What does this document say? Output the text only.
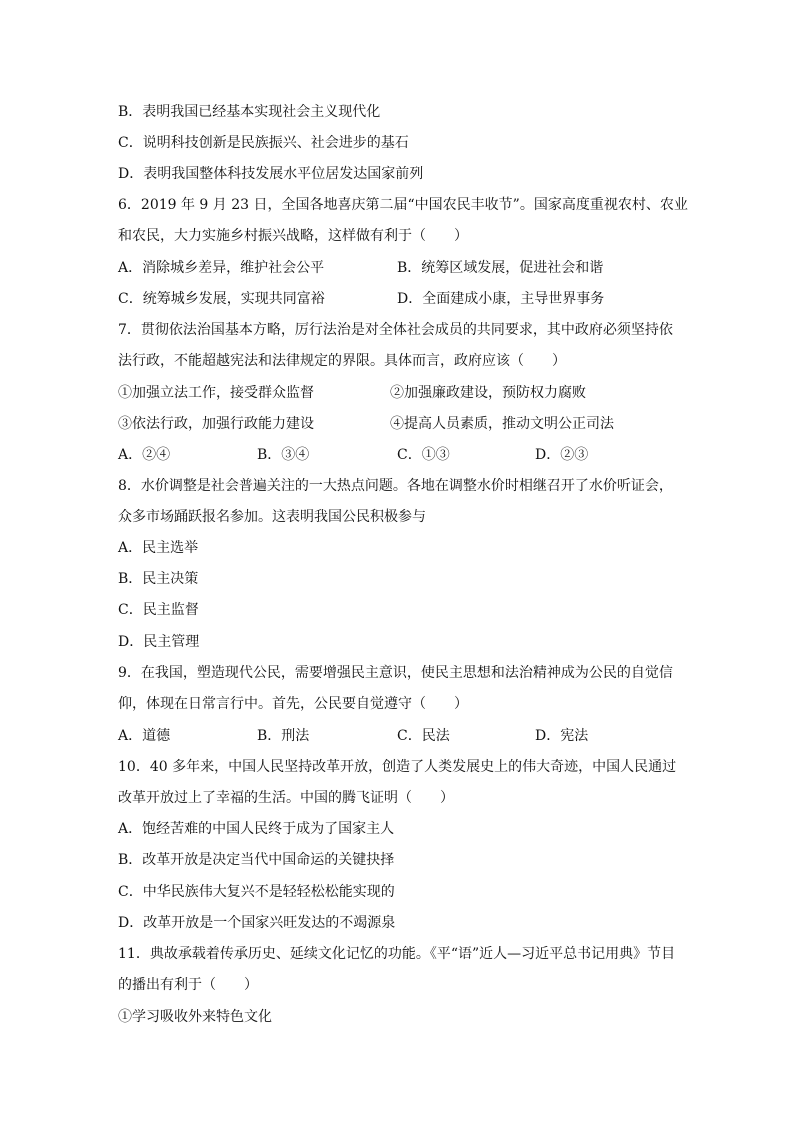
B．表明我国已经基本实现社会主义现代化
C．说明科技创新是民族振兴、社会进步的基石
D．表明我国整体科技发展水平位居发达国家前列
6．2019 年 9 月 23 日，全国各地喜庆第二届“中国农民丰收节”。国家高度重视农村、农业
和农民，大力实施乡村振兴战略，这样做有利于（　　）
A．消除城乡差异，维护社会公平	B．统筹区域发展，促进社会和谐
C．统筹城乡发展，实现共同富裕	D．全面建成小康，主导世界事务
7．贯彻依法治国基本方略，厉行法治是对全体社会成员的共同要求，其中政府必须坚持依
法行政，不能超越宪法和法律规定的界限。具体而言，政府应该（　　）
①加强立法工作，接受群众监督	②加强廉政建设，预防权力腐败
③依法行政，加强行政能力建设	④提高人员素质，推动文明公正司法
A．②④	B．③④	C．①③	D．②③
8．水价调整是社会普遍关注的一大热点问题。各地在调整水价时相继召开了水价听证会，
众多市场踊跃报名参加。这表明我国公民积极参与
A．民主选举
B．民主决策
C．民主监督
D．民主管理
9．在我国，塑造现代公民，需要增强民主意识，使民主思想和法治精神成为公民的自觉信
仰，体现在日常言行中。首先，公民要自觉遵守（　　）
A．道德	B．刑法	C．民法	D．宪法
10．40 多年来，中国人民坚持改革开放，创造了人类发展史上的伟大奇迹，中国人民通过
改革开放过上了幸福的生活。中国的腾飞证明（　　）
A．饱经苦难的中国人民终于成为了国家主人
B．改革开放是决定当代中国命运的关键抉择
C．中华民族伟大复兴不是轻轻松松能实现的
D．改革开放是一个国家兴旺发达的不竭源泉
11．典故承载着传承历史、延续文化记忆的功能。《平“语”近人—习近平总书记用典》节目
的播出有利于（　　）
①学习吸收外来特色文化
